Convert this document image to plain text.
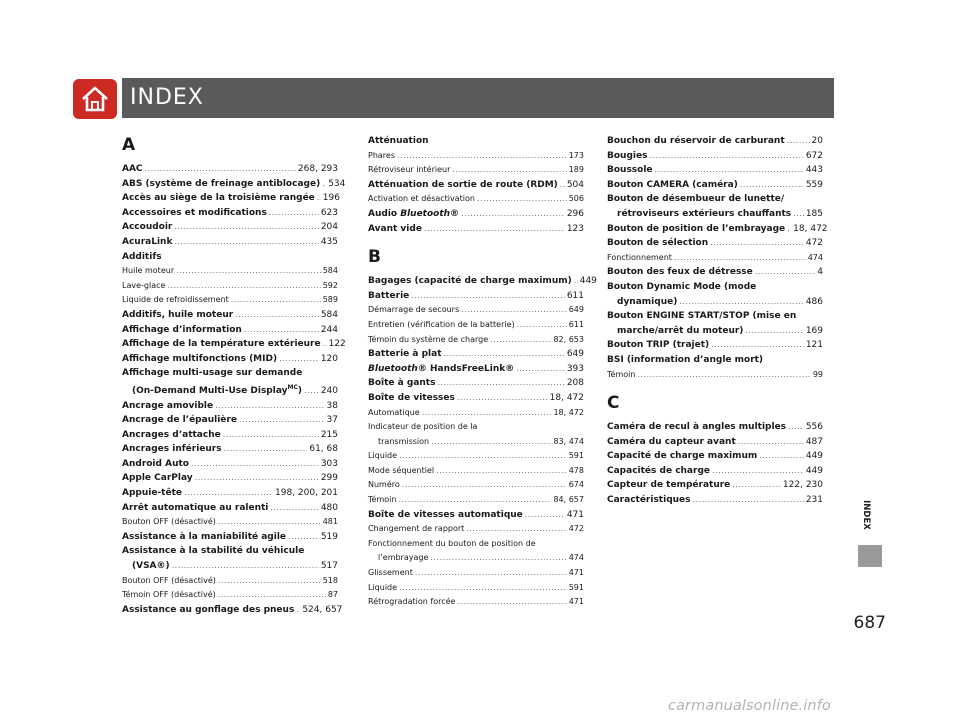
INDEX
A
AAC .....	268, 293
ABS (système de freinage antiblocage) ..... 534
Accès au siège de la troisième rangée ..... 196
Accessoires et modifications .....	623
Accoudoir .....	204
AcuraLink .....	435
Additifs
Huile moteur .....	584
Lave-glace .....	592
Liquide de refroidissement .....	589
Additifs, huile moteur .....	584
Affichage d’information .....	244
Affichage de la température extérieure ..... 122
Affichage multifonctions (MID) .....	120
Affichage multi-usage sur demande
(On-Demand Multi-Use Display$^{MC}$) ..... 240
Ancrage amovible .....	38
Ancrage de l’épaulière .....	37
Ancrages d’attache .....	215
Ancrages inférieurs .....	61, 68
Android Auto .....	303
Apple CarPlay .....	299
Appuie-tête .....	198, 200, 201
Arrêt automatique au ralenti .....	480
Bouton OFF (désactivé) .....	481
Assistance à la maniabilité agile .....	519
Assistance à la stabilité du véhicule
(VSA®) .....	517
Bouton OFF (désactivé) .....	518
Témoin OFF (désactivé) .....	87
Assistance au gonflage des pneus ..... 524, 657
Atténuation
Phares .....	173
Rétroviseur intérieur .....	189
Atténuation de sortie de route (RDM) ..... 504
Activation et désactivation .....	506
Audio Bluetooth® .....	296
Avant vide .....	123
B
Bagages (capacité de charge maximum) ..... 449
Batterie .....	611
Démarrage de secours .....	649
Entretien (vérification de la batterie) .....	611
Témoin du système de charge .....	82, 653
Batterie à plat .....	649
Bluetooth® HandsFreeLink® .....	393
Boîte à gants .....	208
Boîte de vitesses .....	18, 472
Automatique .....	18, 472
Indicateur de position de la
transmission .....	83, 474
Liquide .....	591
Mode séquentiel .....	478
Numéro .....	674
Témoin .....	84, 657
Boîte de vitesses automatique .....	471
Changement de rapport .....	472
Fonctionnement du bouton de position de
l’embrayage .....	474
Glissement .....	471
Liquide .....	591
Rétrogradation forcée .....	471
Bouchon du réservoir de carburant .....	20
Bougies .....	672
Boussole .....	443
Bouton CAMERA (caméra) .....	559
Bouton de désembueur de lunette/
rétroviseurs extérieurs chauffants ..... 185
Bouton de position de l’embrayage ..... 18, 472
Bouton de sélection .....	472
Fonctionnement .....	474
Bouton des feux de détresse .....	4
Bouton Dynamic Mode (mode
dynamique) .....	486
Bouton ENGINE START/STOP (mise en
marche/arrêt du moteur) .....	169
Bouton TRIP (trajet) .....	121
BSI (information d’angle mort)
Témoin .....	99
C
Caméra de recul à angles multiples ..... 556
Caméra du capteur avant .....	487
Capacité de charge maximum .....	449
Capacités de charge .....	449
Capteur de température .....	122, 230
Caractéristiques .....	231
INDEX
687
carmanualsonline.info
